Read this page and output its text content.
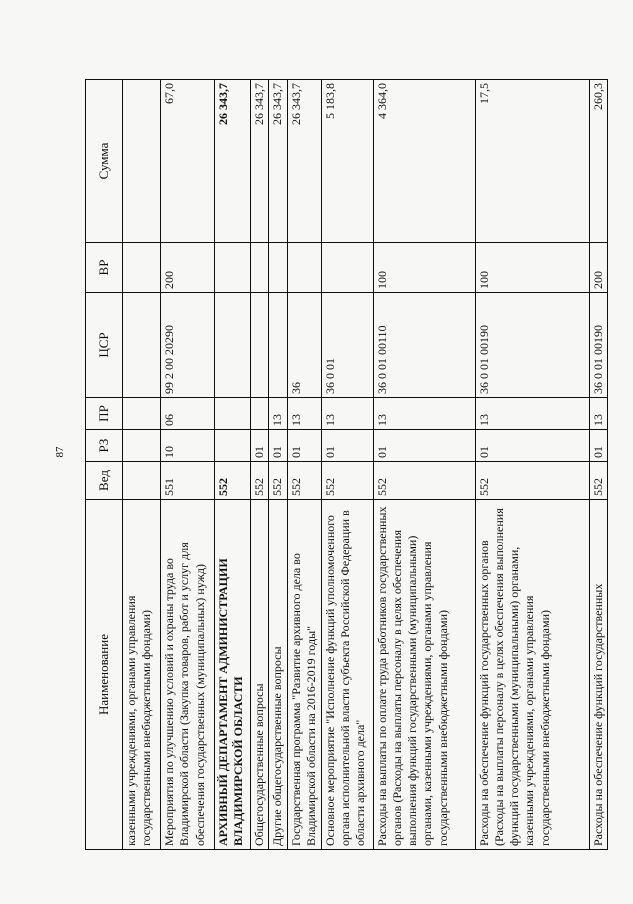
87
Наименование	Вед	РЗ	ПР	ЦСР	ВР	Сумма
казенными учреждениями, органами управления государственными внебюджетными фондами)						
Мероприятия по улучшению условий и охраны труда во Владимирской области (Закупка товаров, работ и услуг для обеспечения государственных (муниципальных) нужд)	551	10	06	99 2 00 20290	200	67,0
АРХИВНЫЙ ДЕПАРТАМЕНТ АДМИНИСТРАЦИИ ВЛАДИМИРСКОЙ ОБЛАСТИ	552					26 343,7
Общегосударственные вопросы	552	01				26 343,7
Другие общегосударственные вопросы	552	01	13			26 343,7
Государственная программа "Развитие архивного дела во Владимирской области на 2016-2019 годы"	552	01	13	36		26 343,7
Основное мероприятие "Исполнение функций уполномоченного органа исполнительной власти субъекта Российской Федерации в области архивного дела"	552	01	13	36 0 01		5 183,8
Расходы на выплаты по оплате труда работников государственных органов (Расходы на выплаты персоналу в целях обеспечения выполнения функций государственными (муниципальными) органами, казенными учреждениями, органами управления государственными внебюджетными фондами)	552	01	13	36 0 01 00110	100	4 364,0
Расходы на обеспечение функций государственных органов (Расходы на выплаты персоналу в целях обеспечения выполнения функций государственными (муниципальными) органами, казенными учреждениями, органами управления государственными внебюджетными фондами)	552	01	13	36 0 01 00190	100	17,5
Расходы на обеспечение функций государственных	552	01	13	36 0 01 00190	200	260,3
